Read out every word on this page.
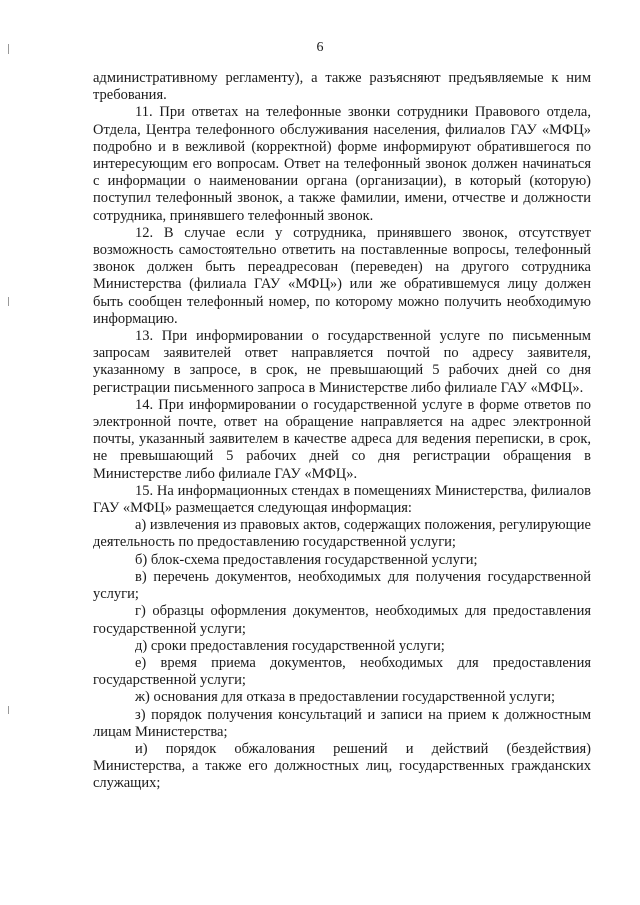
6

административному регламенту), а также разъясняют предъявляемые к ним требования.

11. При ответах на телефонные звонки сотрудники Правового отдела, Отдела, Центра телефонного обслуживания населения, филиалов ГАУ «МФЦ» подробно и в вежливой (корректной) форме информируют обратившегося по интересующим его вопросам. Ответ на телефонный звонок должен начинаться с информации о наименовании органа (организации), в который (которую) поступил телефонный звонок, а также фамилии, имени, отчестве и должности сотрудника, принявшего телефонный звонок.

12. В случае если у сотрудника, принявшего звонок, отсутствует возможность самостоятельно ответить на поставленные вопросы, телефонный звонок должен быть переадресован (переведен) на другого сотрудника Министерства (филиала ГАУ «МФЦ») или же обратившемуся лицу должен быть сообщен телефонный номер, по которому можно получить необходимую информацию.

13. При информировании о государственной услуге по письменным запросам заявителей ответ направляется почтой по адресу заявителя, указанному в запросе, в срок, не превышающий 5 рабочих дней со дня регистрации письменного запроса в Министерстве либо филиале ГАУ «МФЦ».

14. При информировании о государственной услуге в форме ответов по электронной почте, ответ на обращение направляется на адрес электронной почты, указанный заявителем в качестве адреса для ведения переписки, в срок, не превышающий 5 рабочих дней со дня регистрации обращения в Министерстве либо филиале ГАУ «МФЦ».

15. На информационных стендах в помещениях Министерства, филиалов ГАУ «МФЦ» размещается следующая информация:

а) извлечения из правовых актов, содержащих положения, регулирующие деятельность по предоставлению государственной услуги;

б) блок-схема предоставления государственной услуги;

в) перечень документов, необходимых для получения государственной услуги;

г) образцы оформления документов, необходимых для предоставления государственной услуги;

д) сроки предоставления государственной услуги;

е) время приема документов, необходимых для предоставления государственной услуги;

ж) основания для отказа в предоставлении государственной услуги;

з) порядок получения консультаций и записи на прием к должностным лицам Министерства;

и) порядок обжалования решений и действий (бездействия) Министерства, а также его должностных лиц, государственных гражданских служащих;
